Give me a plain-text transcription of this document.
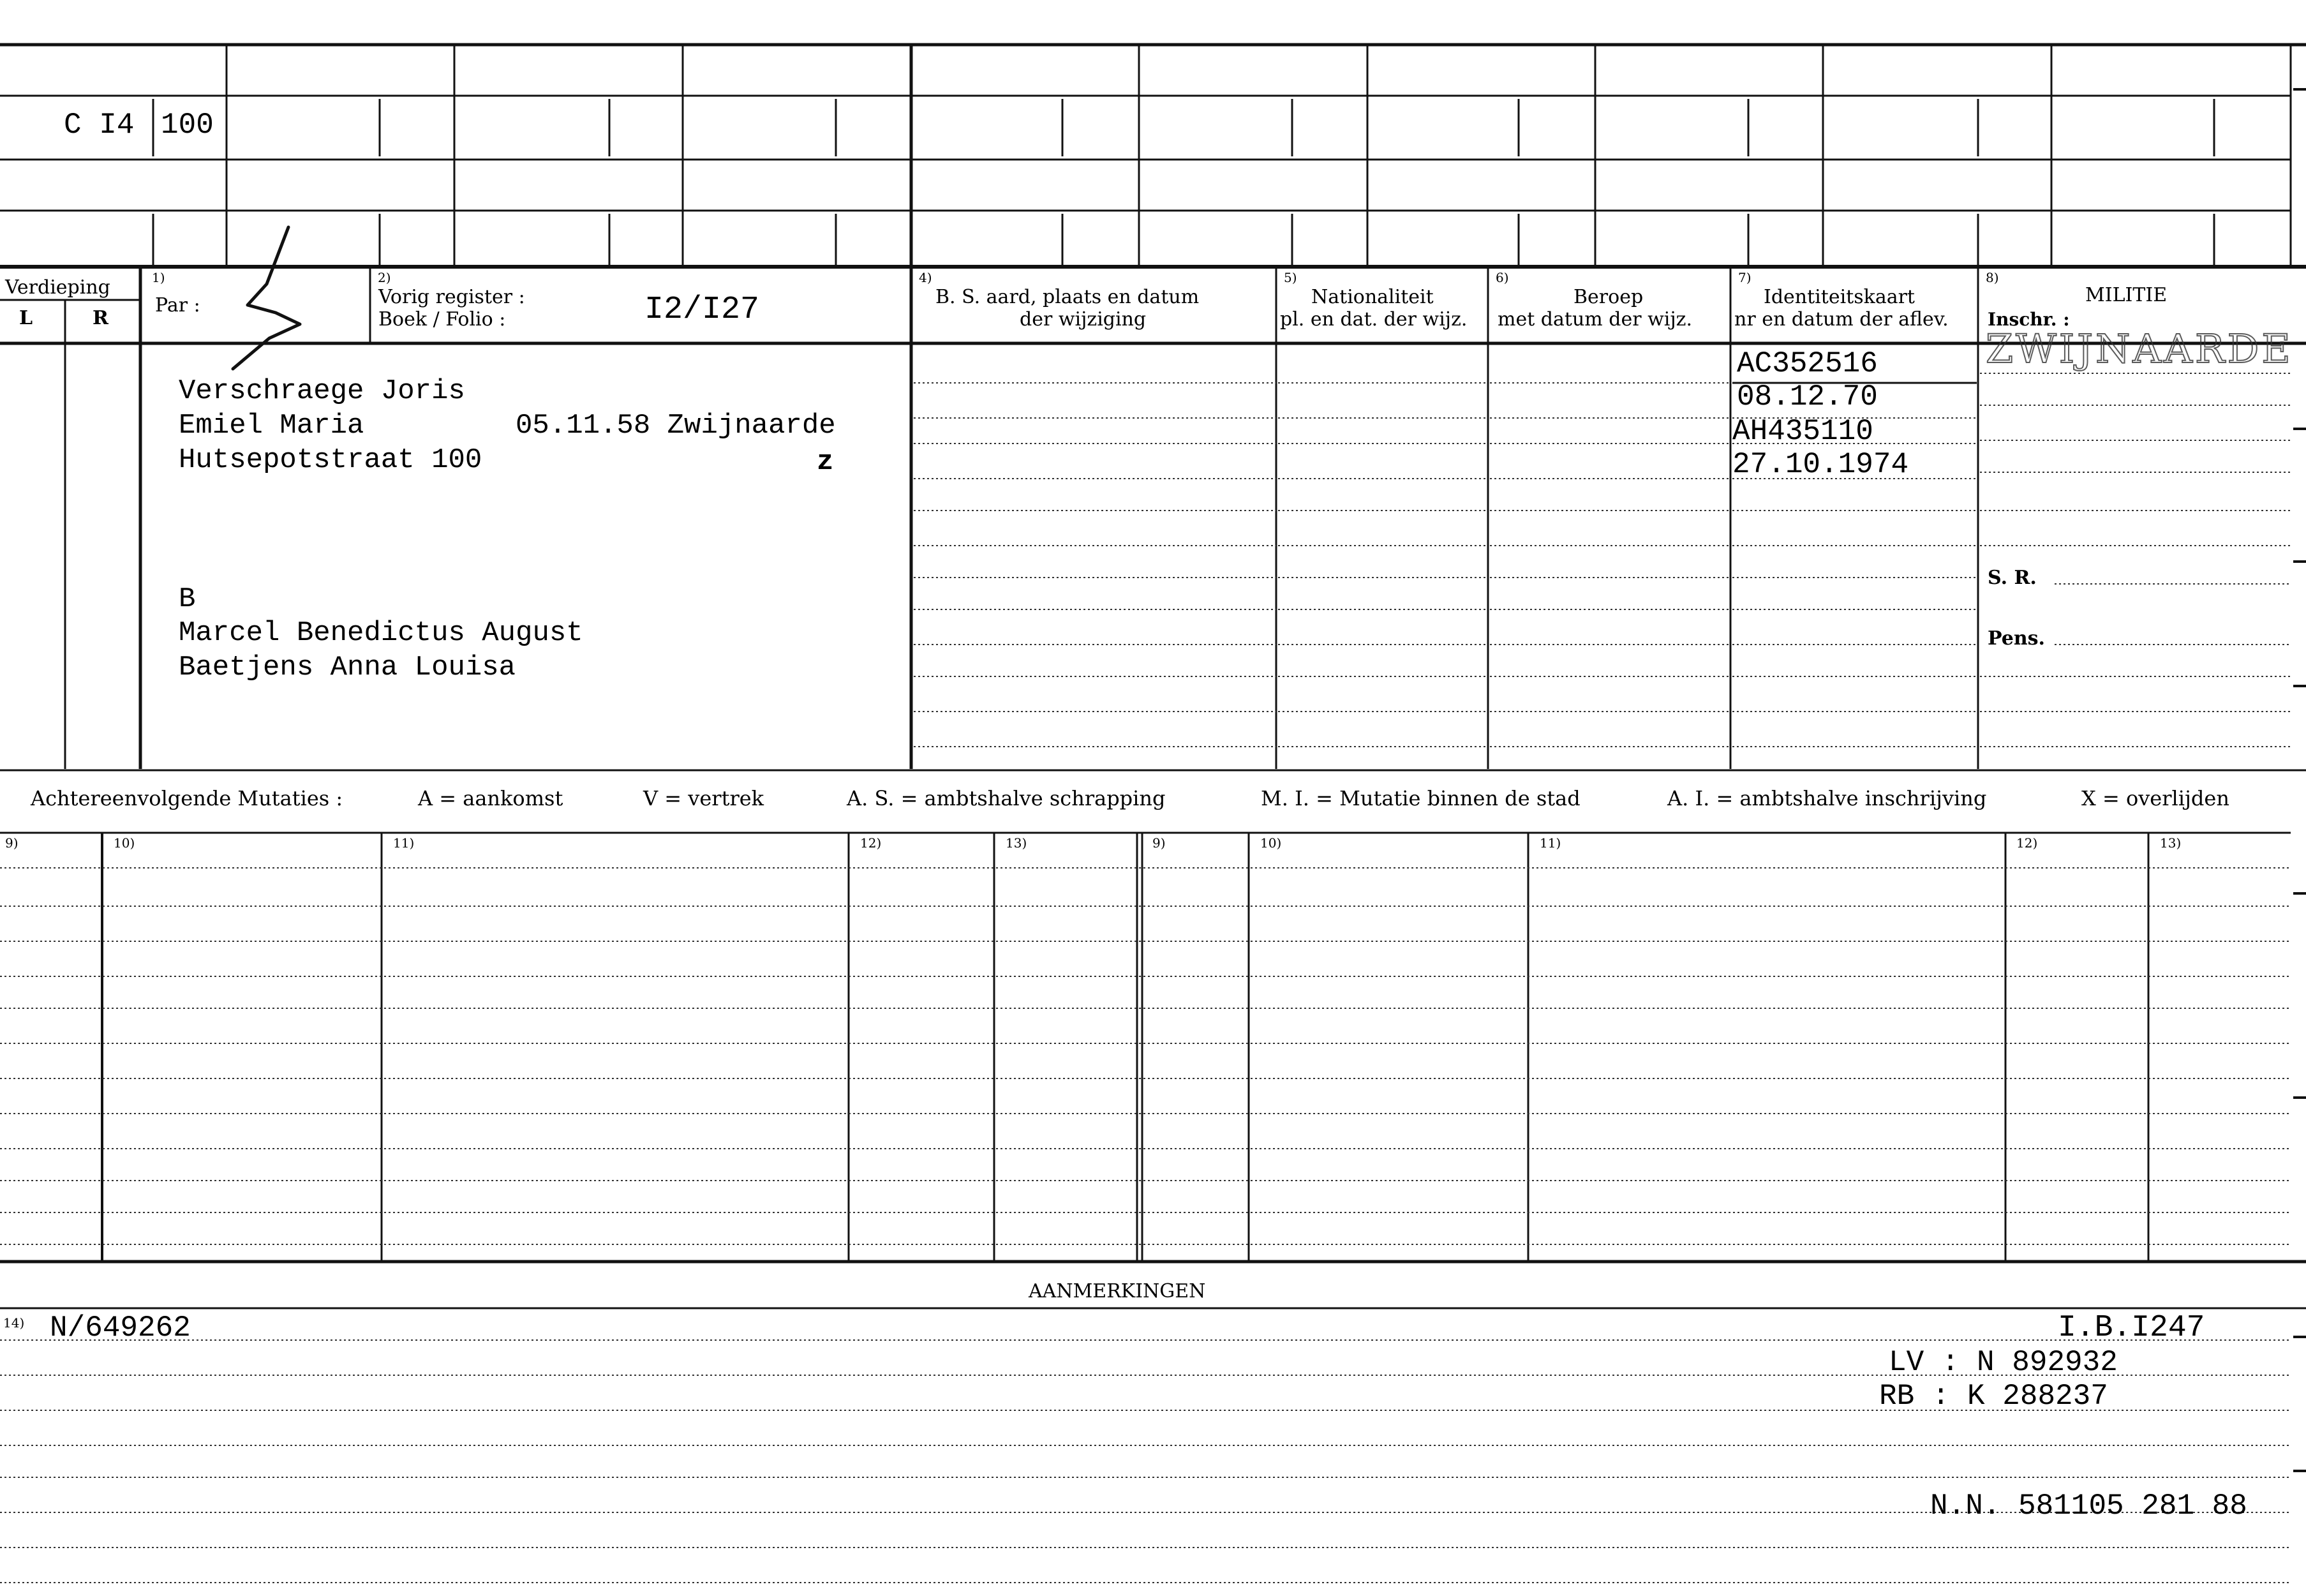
C I4 100
Verdieping
L	R
1)
Par :
2)
Vorig register :
Boek / Folio :	I2/I27
4)
B. S. aard, plaats en datum
der wijziging
5)
Nationaliteit
pl. en dat. der wijz.
6)
Beroep
met datum der wijz.
7)
Identiteitskaart
nr en datum der aflev.
8)
MILITIE
Inschr. :
ZWIJNAARDE
Verschraege Joris
Emiel Maria	05.11.58 Zwijnaarde
Hutsepotstraat 100	z
B
Marcel Benedictus August
Baetjens Anna Louisa
AC352516
08.12.70
AH435110
27.10.1974
S. R.
Pens.
Achtereenvolgende Mutaties :	A = aankomst	V = vertrek	A. S. = ambtshalve schrapping	M. I. = Mutatie binnen de stad	A. I. = ambtshalve inschrijving	X = overlijden
9)	10)	11)	12)	13)	9)	10)	11)	12)	13)
AANMERKINGEN
14) N/649262	I.B.I247
LV : N 892932
RB : K 288237
N.N. 581105 281 88
